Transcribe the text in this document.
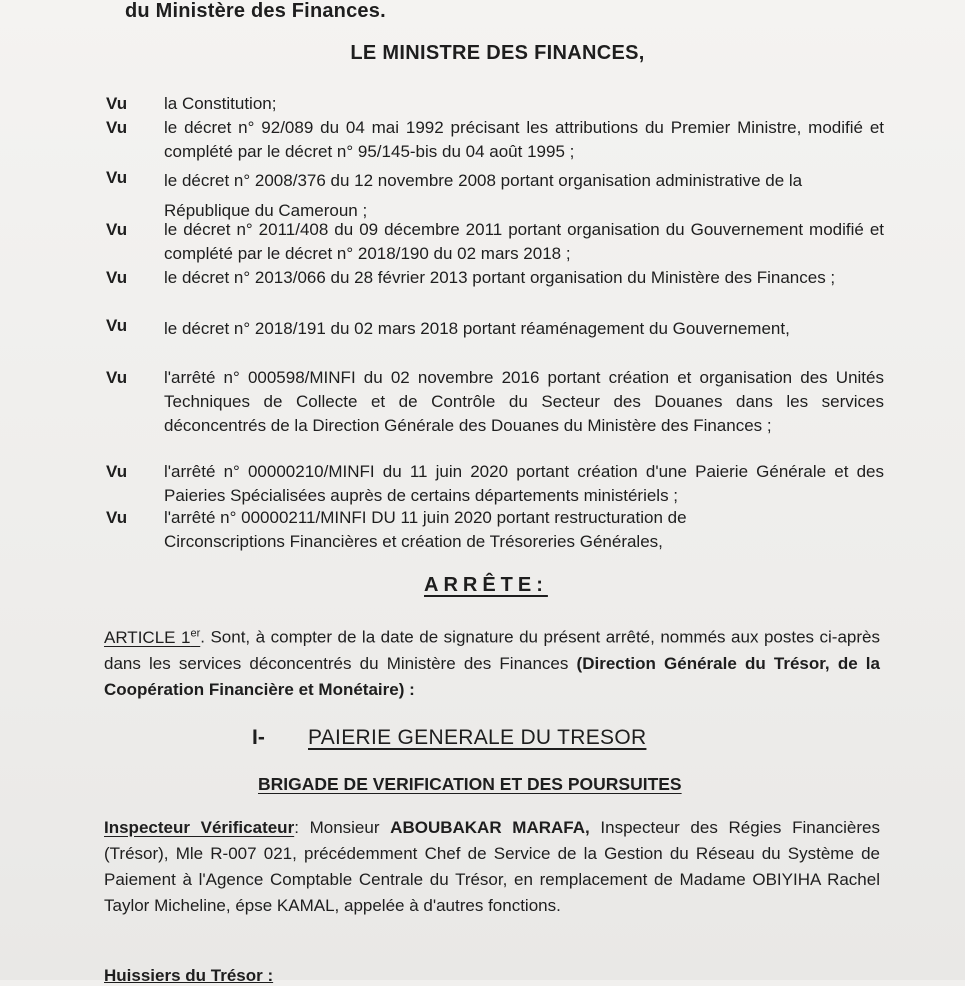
du Ministère des Finances.
LE MINISTRE DES FINANCES,
Vu la Constitution;
Vu le décret n° 92/089 du 04 mai 1992 précisant les attributions du Premier Ministre, modifié et complété par le décret n° 95/145-bis du 04 août 1995 ;
Vu le décret n° 2008/376 du 12 novembre 2008 portant organisation administrative de la République du Cameroun ;
Vu le décret n° 2011/408 du 09 décembre 2011 portant organisation du Gouvernement modifié et complété par le décret n° 2018/190 du 02 mars 2018 ;
Vu le décret n° 2013/066 du 28 février 2013 portant organisation du Ministère des Finances ;
Vu le décret n° 2018/191 du 02 mars 2018 portant réaménagement du Gouvernement,
Vu l'arrêté n° 000598/MINFI du 02 novembre 2016 portant création et organisation des Unités Techniques de Collecte et de Contrôle du Secteur des Douanes dans les services déconcentrés de la Direction Générale des Douanes du Ministère des Finances ;
Vu l'arrêté n° 00000210/MINFI du 11 juin 2020 portant création d'une Paierie Générale et des Paieries Spécialisées auprès de certains départements ministériels ;
Vu l'arrêté n° 00000211/MINFI DU 11 juin 2020 portant restructuration de Circonscriptions Financières et création de Trésoreries Générales,
ARRÊTE:
ARTICLE 1er. Sont, à compter de la date de signature du présent arrêté, nommés aux postes ci-après dans les services déconcentrés du Ministère des Finances (Direction Générale du Trésor, de la Coopération Financière et Monétaire) :
I- PAIERIE GENERALE DU TRESOR
BRIGADE DE VERIFICATION ET DES POURSUITES
Inspecteur Vérificateur: Monsieur ABOUBAKAR MARAFA, Inspecteur des Régies Financières (Trésor), Mle R-007 021, précédemment Chef de Service de la Gestion du Réseau du Système de Paiement à l'Agence Comptable Centrale du Trésor, en remplacement de Madame OBIYIHA Rachel Taylor Micheline, épse KAMAL, appelée à d'autres fonctions.
Huissiers du Trésor :
